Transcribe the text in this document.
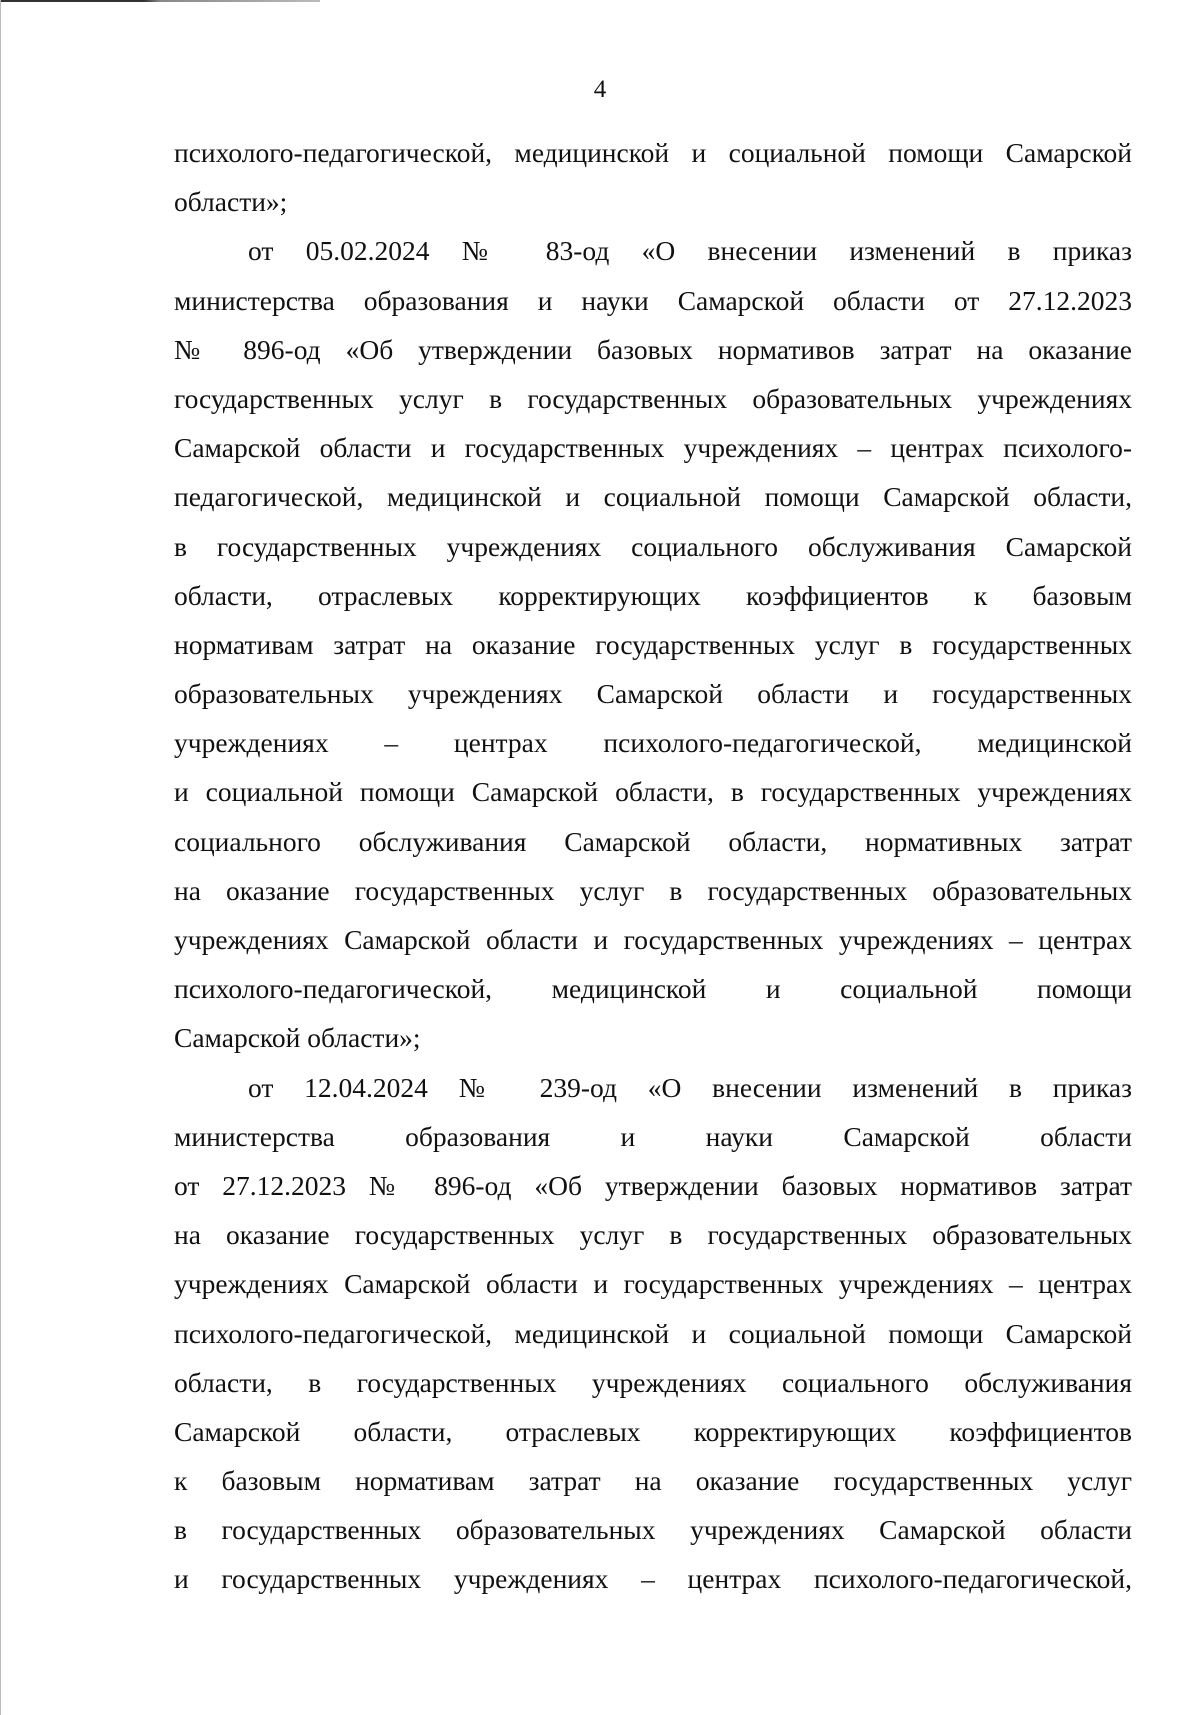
4
психолого-педагогической, медицинской и социальной помощи Самарской
области»;
от 05.02.2024 № 83-од «О внесении изменений в приказ
министерства образования и науки Самарской области от 27.12.2023
№ 896-од «Об утверждении базовых нормативов затрат на оказание
государственных услуг в государственных образовательных учреждениях
Самарской области и государственных учреждениях – центрах психолого-
педагогической, медицинской и социальной помощи Самарской области,
в государственных учреждениях социального обслуживания Самарской
области, отраслевых корректирующих коэффициентов к базовым
нормативам затрат на оказание государственных услуг в государственных
образовательных учреждениях Самарской области и государственных
учреждениях – центрах психолого-педагогической, медицинской
и социальной помощи Самарской области, в государственных учреждениях
социального обслуживания Самарской области, нормативных затрат
на оказание государственных услуг в государственных образовательных
учреждениях Самарской области и государственных учреждениях – центрах
психолого-педагогической, медицинской и социальной помощи
Самарской области»;
от 12.04.2024 № 239-од «О внесении изменений в приказ
министерства образования и науки Самарской области
от 27.12.2023 № 896-од «Об утверждении базовых нормативов затрат
на оказание государственных услуг в государственных образовательных
учреждениях Самарской области и государственных учреждениях – центрах
психолого-педагогической, медицинской и социальной помощи Самарской
области, в государственных учреждениях социального обслуживания
Самарской области, отраслевых корректирующих коэффициентов
к базовым нормативам затрат на оказание государственных услуг
в государственных образовательных учреждениях Самарской области
и государственных учреждениях – центрах психолого-педагогической,
